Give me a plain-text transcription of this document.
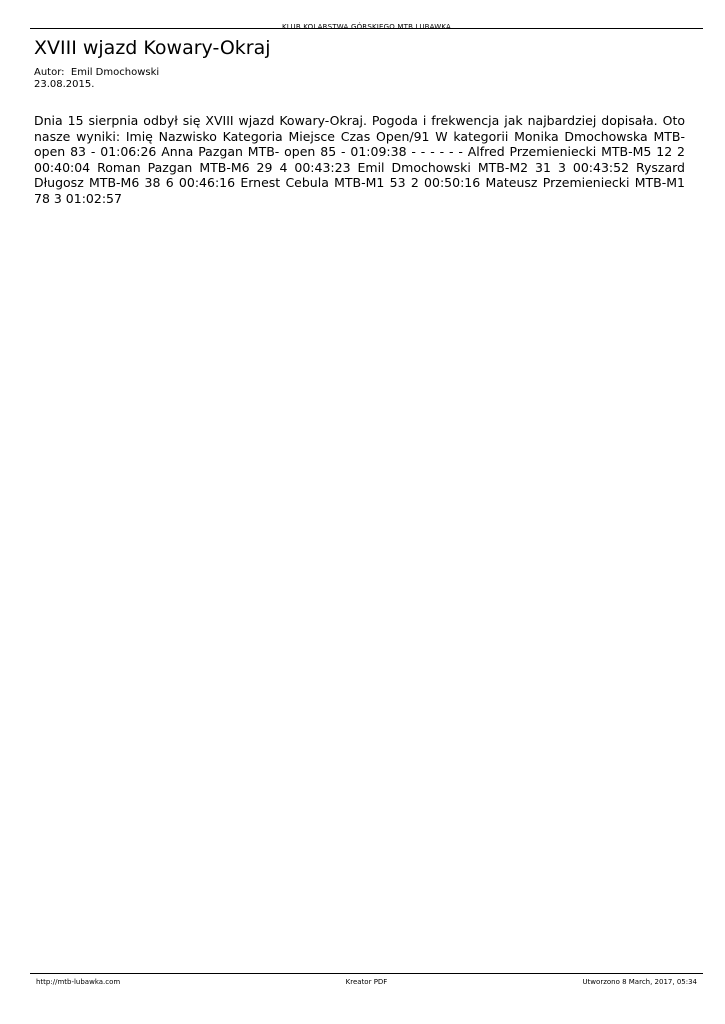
KLUB KOLARSTWA GÓRSKIEGO MTB LUBAWKA
XVIII wjazd Kowary-Okraj
Autor: Emil Dmochowski
23.08.2015.

Dnia 15 sierpnia odbył się XVIII wjazd Kowary-Okraj. Pogoda i frekwencja jak najbardziej dopisała. Oto nasze wyniki: Imię Nazwisko Kategoria Miejsce Czas Open/91 W kategorii Monika Dmochowska MTB- open 83 - 01:06:26 Anna Pazgan MTB- open 85 - 01:09:38 - - - - - - Alfred Przemieniecki MTB-M5 12 2 00:40:04 Roman Pazgan MTB-M6 29 4 00:43:23 Emil Dmochowski MTB-M2 31 3 00:43:52 Ryszard Długosz MTB-M6 38 6 00:46:16 Ernest Cebula MTB-M1 53 2 00:50:16 Mateusz Przemieniecki MTB-M1 78 3 01:02:57

http://mtb-lubawka.com	Kreator PDF	Utworzono 8 March, 2017, 05:34
